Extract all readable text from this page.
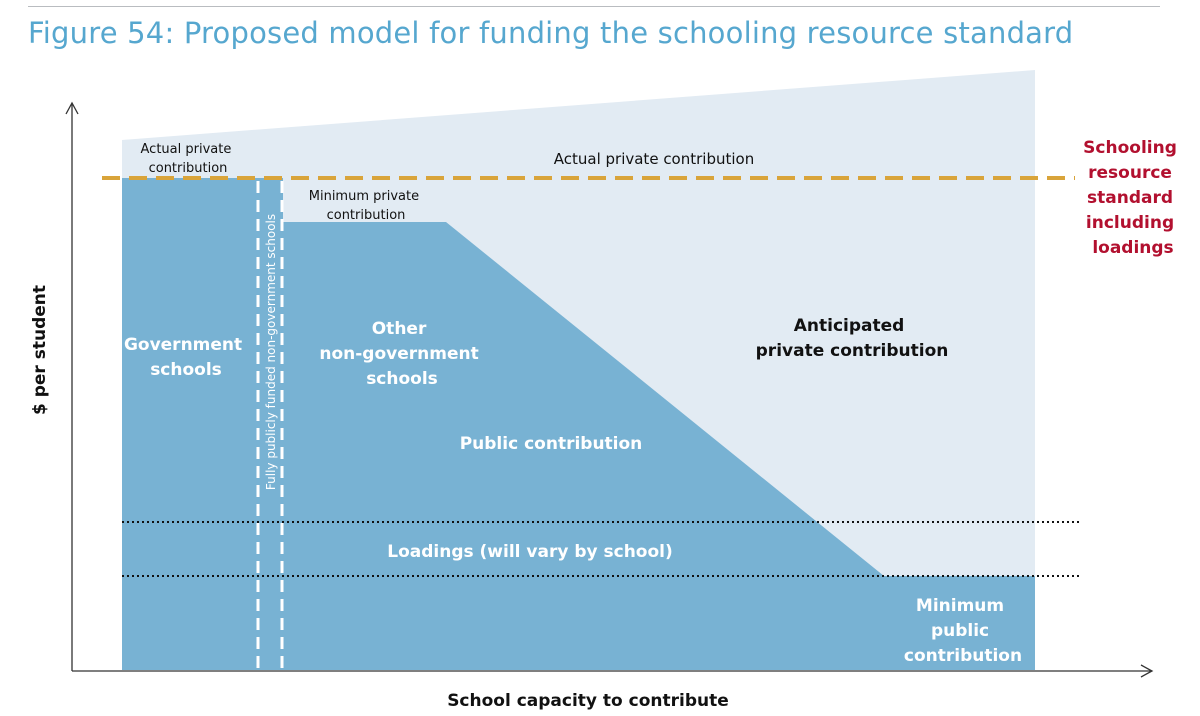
Figure 54: Proposed model for funding the schooling resource standard
Actual private contribution
Actual private contribution
Minimum private contribution
Government schools	Fully publicly funded non-government schools	Other non-government schools
Anticipated private contribution
Public contribution
Loadings (will vary by school)
Minimum public contribution
Schooling resource standard including loadings
$ per student
School capacity to contribute
